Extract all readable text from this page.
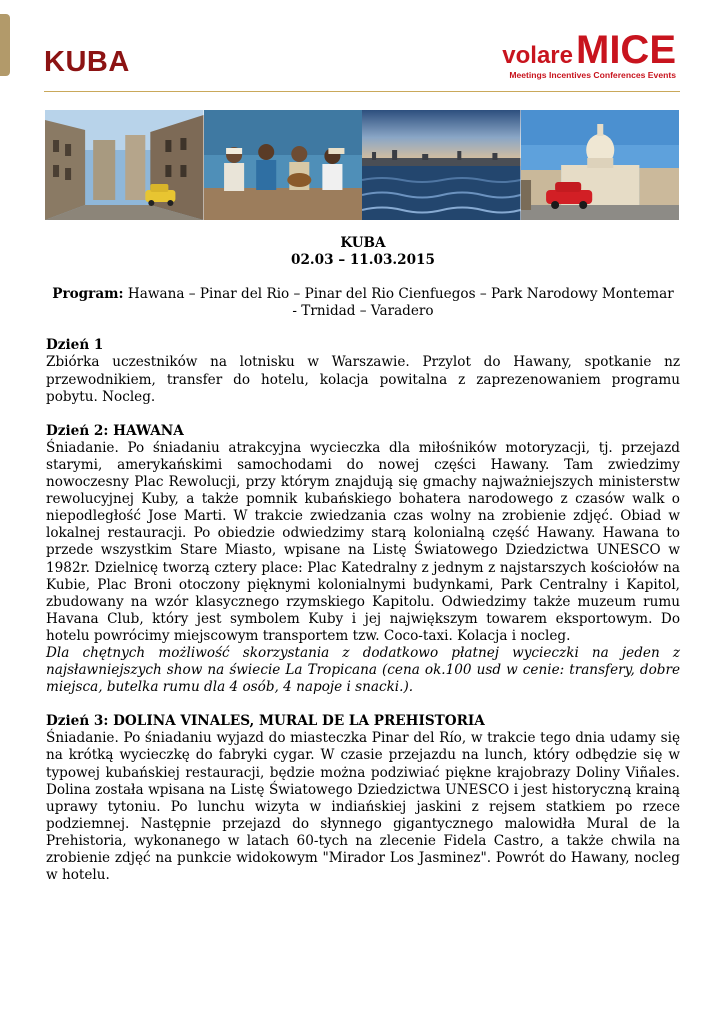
KUBA	volareMICE
Meetings Incentives Conferences Events

KUBA

02.03 – 11.03.2015

Program: Hawana – Pinar del Rio – Pinar del Rio Cienfuegos – Park Narodowy Montemar

- Trnidad – Varadero

Dzień 1

Zbiórka uczestników na lotnisku w Warszawie. Przylot do Hawany, spotkanie nz przewodnikiem, transfer do hotelu, kolacja powitalna z zaprezenowaniem programu pobytu. Nocleg.

Dzień 2: HAWANA

Śniadanie. Po śniadaniu atrakcyjna wycieczka dla miłośników motoryzacji, tj. przejazd starymi, amerykańskimi samochodami do nowej części Hawany. Tam zwiedzimy nowoczesny Plac Rewolucji, przy którym znajdują się gmachy najważniejszych ministerstw rewolucyjnej Kuby, a także pomnik kubańskiego bohatera narodowego z czasów walk o niepodległość Jose Marti. W trakcie zwiedzania czas wolny na zrobienie zdjęć. Obiad w lokalnej restauracji. Po obiedzie odwiedzimy starą kolonialną część Hawany. Hawana to przede wszystkim Stare Miasto, wpisane na Listę Światowego Dziedzictwa UNESCO w 1982r. Dzielnicę tworzą cztery place: Plac Katedralny z jednym z najstarszych kościołów na Kubie, Plac Broni otoczony pięknymi kolonialnymi budynkami, Park Centralny i Kapitol, zbudowany na wzór klasycznego rzymskiego Kapitolu. Odwiedzimy także muzeum rumu Havana Club, który jest symbolem Kuby i jej największym towarem eksportowym. Do hotelu powrócimy miejscowym transportem tzw. Coco-taxi. Kolacja i nocleg.

Dla chętnych możliwość skorzystania z dodatkowo płatnej wycieczki na jeden z najsławniejszych show na świecie La Tropicana (cena ok.100 usd w cenie: transfery, dobre miejsca, butelka rumu dla 4 osób, 4 napoje i snacki.).

Dzień 3: DOLINA VINALES, MURAL DE LA PREHISTORIA

Śniadanie. Po śniadaniu wyjazd do miasteczka Pinar del Río, w trakcie tego dnia udamy się na krótką wycieczkę do fabryki cygar. W czasie przejazdu na lunch, który odbędzie się w typowej kubańskiej restauracji, będzie można podziwiać piękne krajobrazy Doliny Viñales. Dolina została wpisana na Listę Światowego Dziedzictwa UNESCO i jest historyczną krainą uprawy tytoniu. Po lunchu wizyta w indiańskiej jaskini z rejsem statkiem po rzece podziemnej. Następnie przejazd do słynnego gigantycznego malowidła Mural de la Prehistoria, wykonanego w latach 60-tych na zlecenie Fidela Castro, a także chwila na zrobienie zdjęć na punkcie widokowym "Mirador Los Jasminez". Powrót do Hawany, nocleg w hotelu.
